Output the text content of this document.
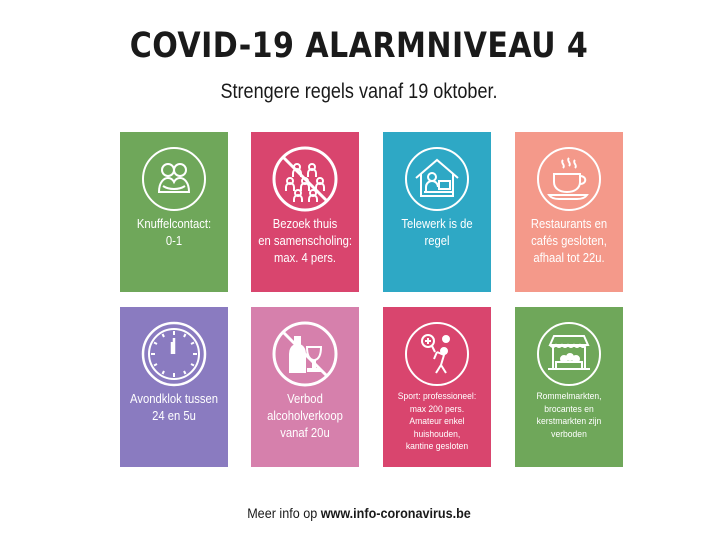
COVID-19 ALARMNIVEAU 4
Strengere regels vanaf 19 oktober.
Knuffelcontact:
0-1
Bezoek thuis
en samenscholing:
max. 4 pers.
Telewerk is de
regel
Restaurants en
cafés gesloten,
afhaal tot 22u.
Avondklok tussen
24 en 5u
Verbod
alcoholverkoop
vanaf 20u
Sport: professioneel:
max 200 pers.
Amateur enkel
huishouden,
kantine gesloten
Rommelmarkten,
brocantes en
kerstmarkten zijn
verboden
Meer info op www.info-coronavirus.be
